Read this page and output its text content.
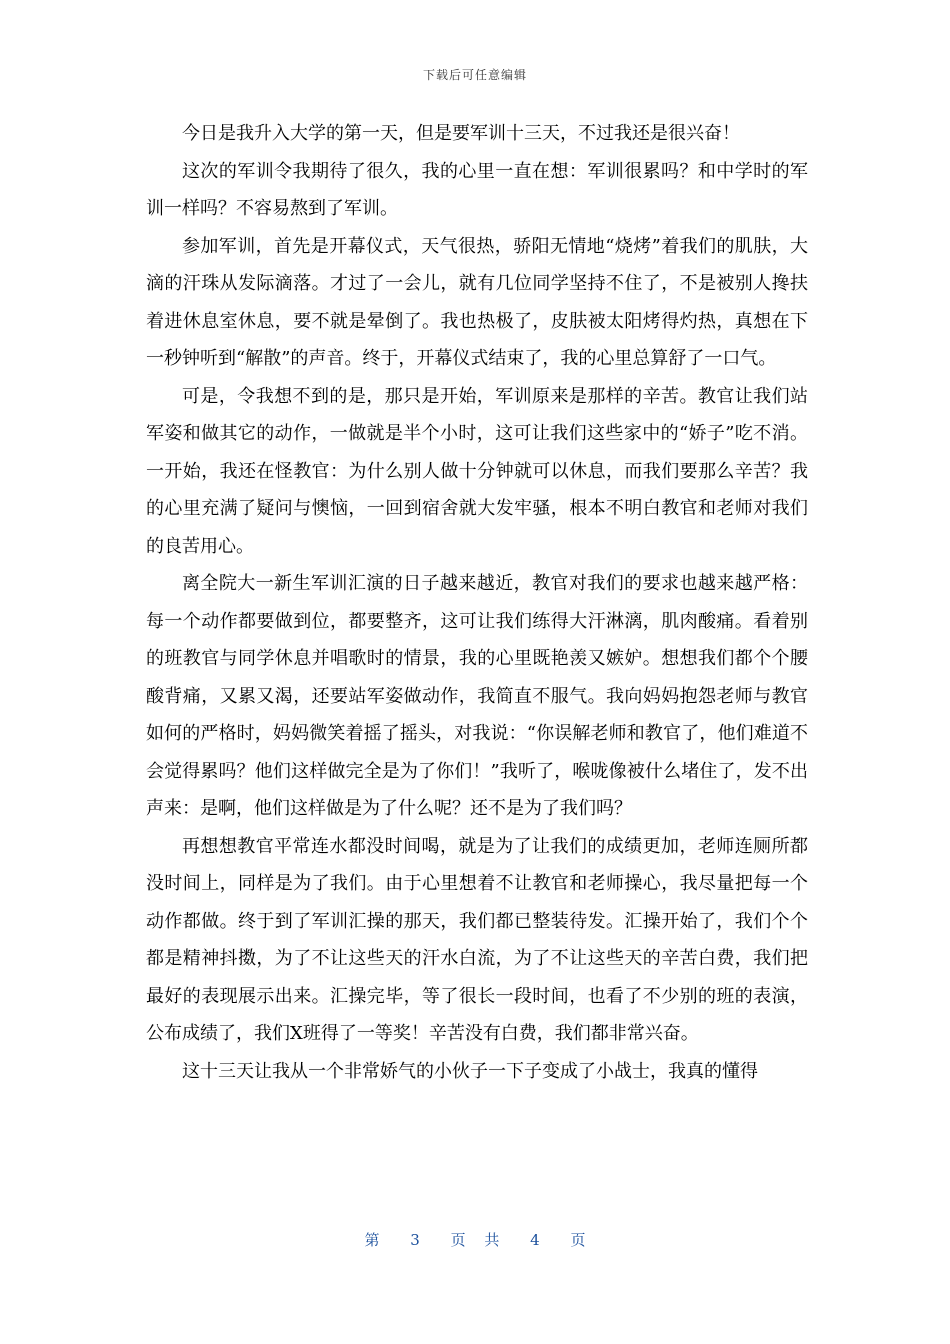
下载后可任意编辑

今日是我升入大学的第一天，但是要军训十三天，不过我还是很兴奋！

这次的军训令我期待了很久，我的心里一直在想：军训很累吗？和中学时的军训一样吗？不容易熬到了军训。

参加军训，首先是开幕仪式，天气很热，骄阳无情地“烧烤”着我们的肌肤，大滴的汗珠从发际滴落。才过了一会儿，就有几位同学坚持不住了，不是被别人搀扶着进休息室休息，要不就是晕倒了。我也热极了，皮肤被太阳烤得灼热，真想在下一秒钟听到“解散”的声音。终于，开幕仪式结束了，我的心里总算舒了一口气。

可是，令我想不到的是，那只是开始，军训原来是那样的辛苦。教官让我们站军姿和做其它的动作，一做就是半个小时，这可让我们这些家中的“娇子”吃不消。一开始，我还在怪教官：为什么别人做十分钟就可以休息，而我们要那么辛苦？我的心里充满了疑问与懊恼，一回到宿舍就大发牢骚，根本不明白教官和老师对我们的良苦用心。

离全院大一新生军训汇演的日子越来越近，教官对我们的要求也越来越严格：每一个动作都要做到位，都要整齐，这可让我们练得大汗淋漓，肌肉酸痛。看着别的班教官与同学休息并唱歌时的情景，我的心里既艳羡又嫉妒。想想我们都个个腰酸背痛，又累又渴，还要站军姿做动作，我简直不服气。我向妈妈抱怨老师与教官如何的严格时，妈妈微笑着摇了摇头，对我说：“你误解老师和教官了，他们难道不会觉得累吗？他们这样做完全是为了你们！”我听了，喉咙像被什么堵住了，发不出声来：是啊，他们这样做是为了什么呢？还不是为了我们吗？

再想想教官平常连水都没时间喝，就是为了让我们的成绩更加，老师连厕所都没时间上，同样是为了我们。由于心里想着不让教官和老师操心，我尽量把每一个动作都做。终于到了军训汇操的那天，我们都已整装待发。汇操开始了，我们个个都是精神抖擞，为了不让这些天的汗水白流，为了不让这些天的辛苦白费，我们把最好的表现展示出来。汇操完毕，等了很长一段时间，也看了不少别的班的表演，公布成绩了，我们X班得了一等奖！辛苦没有白费，我们都非常兴奋。

这十三天让我从一个非常娇气的小伙子一下子变成了小战士，我真的懂得

第 3 页 共 4 页
